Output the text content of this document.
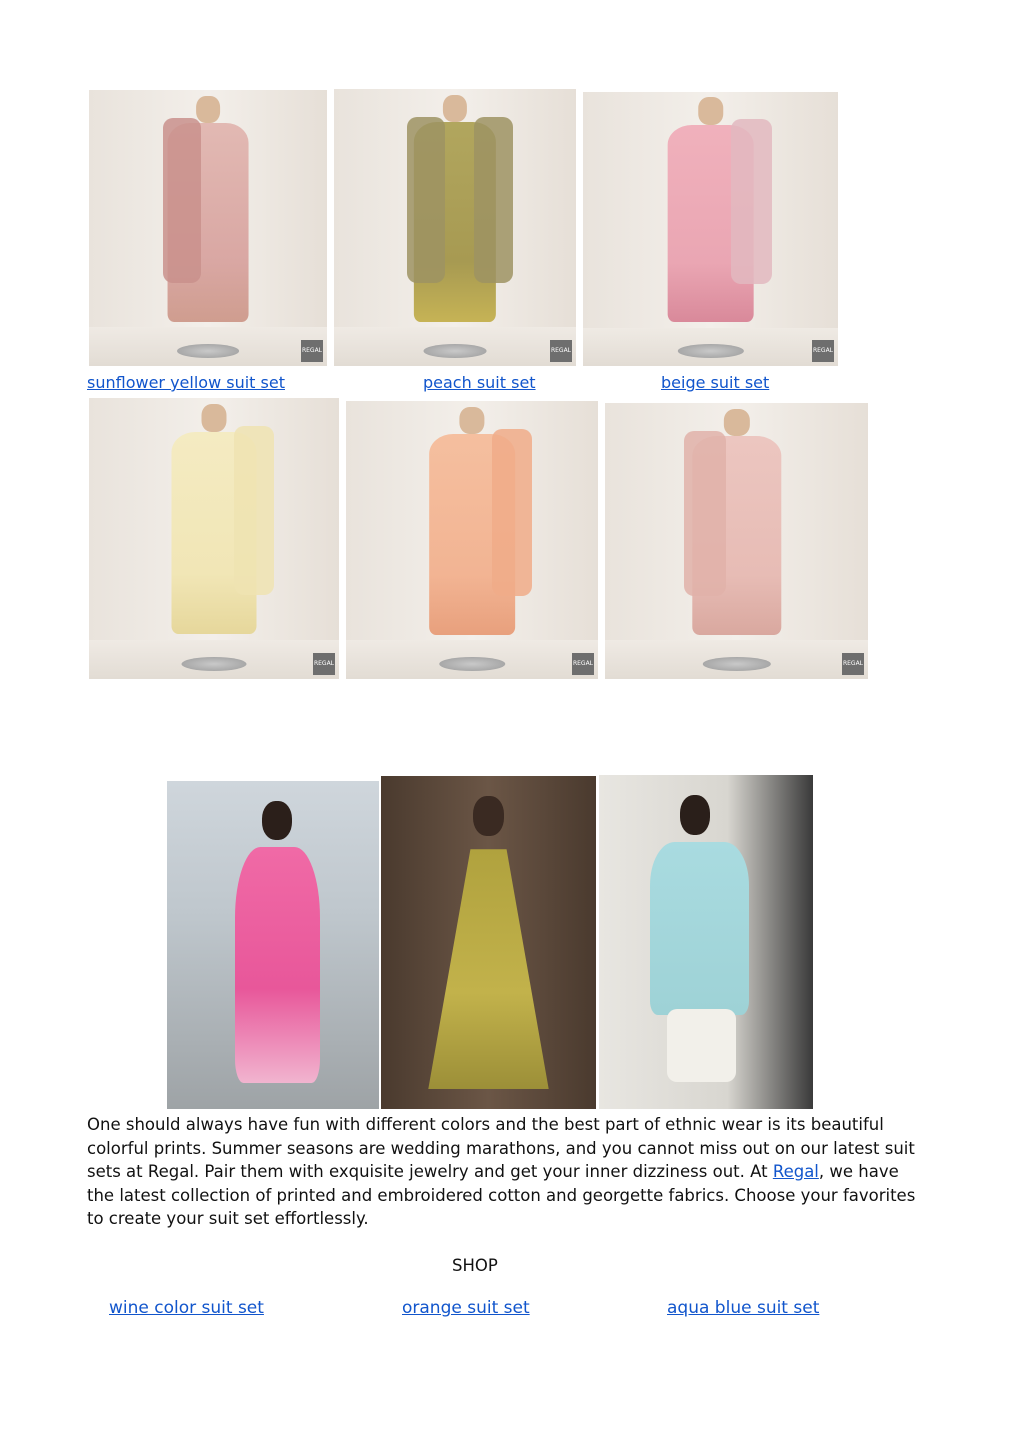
REGAL	REGAL	REGAL
sunflower yellow suit set	peach suit set	beige suit set
REGAL	REGAL	REGAL

One should always have fun with different colors and the best part of ethnic wear is its beautiful colorful prints. Summer seasons are wedding marathons, and you cannot miss out on our latest suit sets at Regal. Pair them with exquisite jewelry and get your inner dizziness out. At Regal, we have the latest collection of printed and embroidered cotton and georgette fabrics. Choose your favorites to create your suit set effortlessly.

SHOP
wine color suit set	orange suit set	aqua blue suit set
